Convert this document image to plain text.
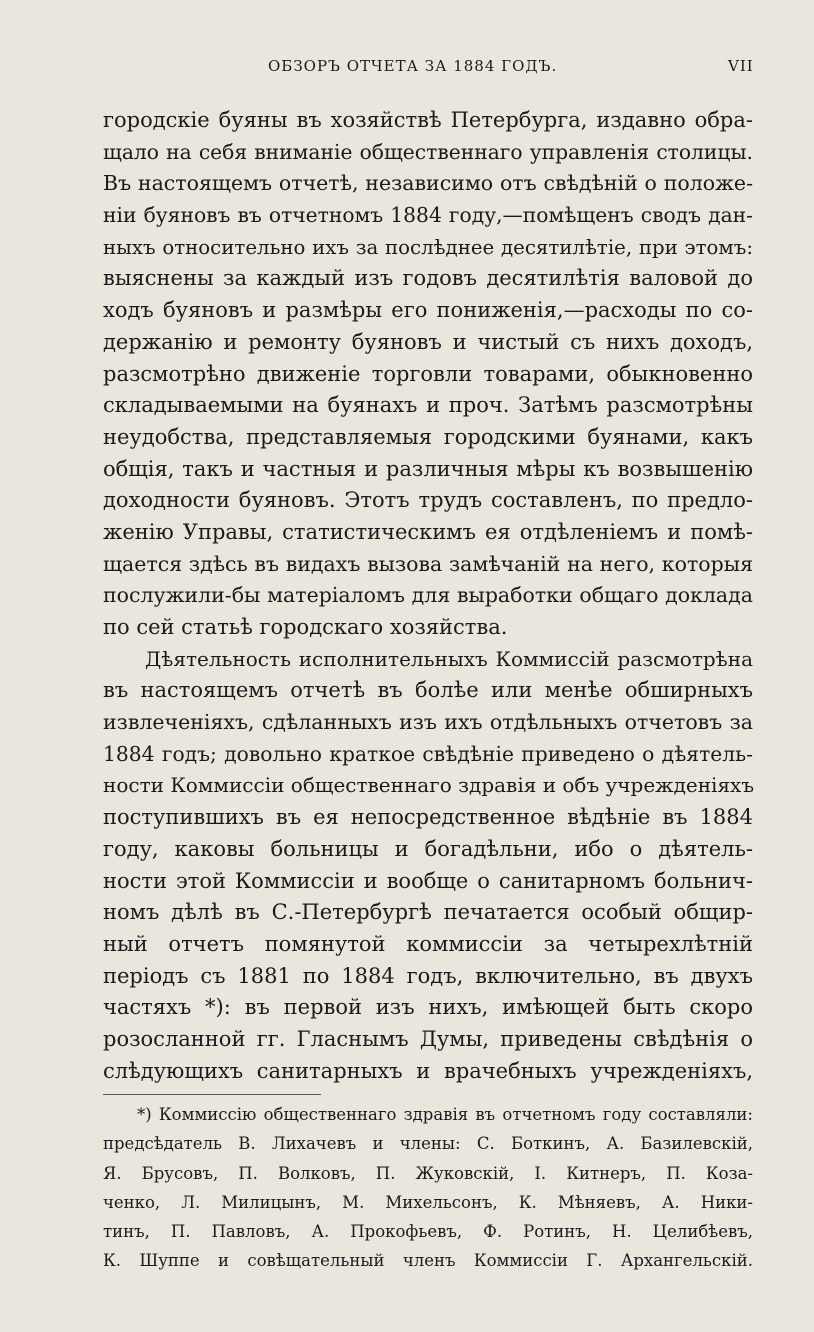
ОБЗОРЪ ОТЧЕТА ЗА 1884 ГОДЪ.	VII
городскіе буяны въ хозяйствѣ Петербурга, издавно обра-
щало на себя вниманіе общественнаго управленія столицы.
Въ настоящемъ отчетѣ, независимо отъ свѣдѣній о положе-
ніи буяновъ въ отчетномъ 1884 году,—помѣщенъ сводъ дан-
ныхъ относительно ихъ за послѣднее десятилѣтіе, при этомъ:
выяснены за каждый изъ годовъ десятилѣтія валовой до
ходъ буяновъ и размѣры его пониженія,—расходы по со-
держанію и ремонту буяновъ и чистый съ нихъ доходъ,
разсмотрѣно движеніе торговли товарами, обыкновенно
складываемыми на буянахъ и проч. Затѣмъ разсмотрѣны
неудобства, представляемыя городскими буянами, какъ
общія, такъ и частныя и различныя мѣры къ возвышенію
доходности буяновъ. Этотъ трудъ составленъ, по предло-
женію Управы, статистическимъ ея отдѣленіемъ и помѣ-
щается здѣсь въ видахъ вызова замѣчаній на него, которыя
послужили-бы матеріаломъ для выработки общаго доклада
по сей статьѣ городскаго хозяйства.
Дѣятельность исполнительныхъ Коммиссій разсмотрѣна
въ настоящемъ отчетѣ въ болѣе или менѣе обширныхъ
извлеченіяхъ, сдѣланныхъ изъ ихъ отдѣльныхъ отчетовъ за
1884 годъ; довольно краткое свѣдѣніе приведено о дѣятель-
ности Коммиссіи общественнаго здравія и объ учрежденіяхъ
поступившихъ въ ея непосредственное вѣдѣніе въ 1884
году, каковы больницы и богадѣльни, ибо о дѣятель-
ности этой Коммиссіи и вообще о санитарномъ больнич-
номъ дѣлѣ въ С.-Петербургѣ печатается особый общир-
ный отчетъ помянутой коммиссіи за четырехлѣтній
періодъ съ 1881 по 1884 годъ, включительно, въ двухъ
частяхъ *): въ первой изъ нихъ, имѣющей быть скоро
розосланной гг. Гласнымъ Думы, приведены свѣдѣнія о
слѣдующихъ санитарныхъ и врачебныхъ учрежденіяхъ,
*) Коммиссію общественнаго здравія въ отчетномъ году составляли:
предсѣдатель В. Лихачевъ и члены: С. Боткинъ, А. Базилевскій,
Я. Брусовъ, П. Волковъ, П. Жуковскій, І. Китнеръ, П. Коза-
ченко, Л. Милицынъ, М. Михельсонъ, К. Мѣняевъ, А. Ники-
тинъ, П. Павловъ, А. Прокофьевъ, Ф. Ротинъ, Н. Целибѣевъ,
К. Шуппе и совѣщательный членъ Коммиссіи Г. Архангельскій.
